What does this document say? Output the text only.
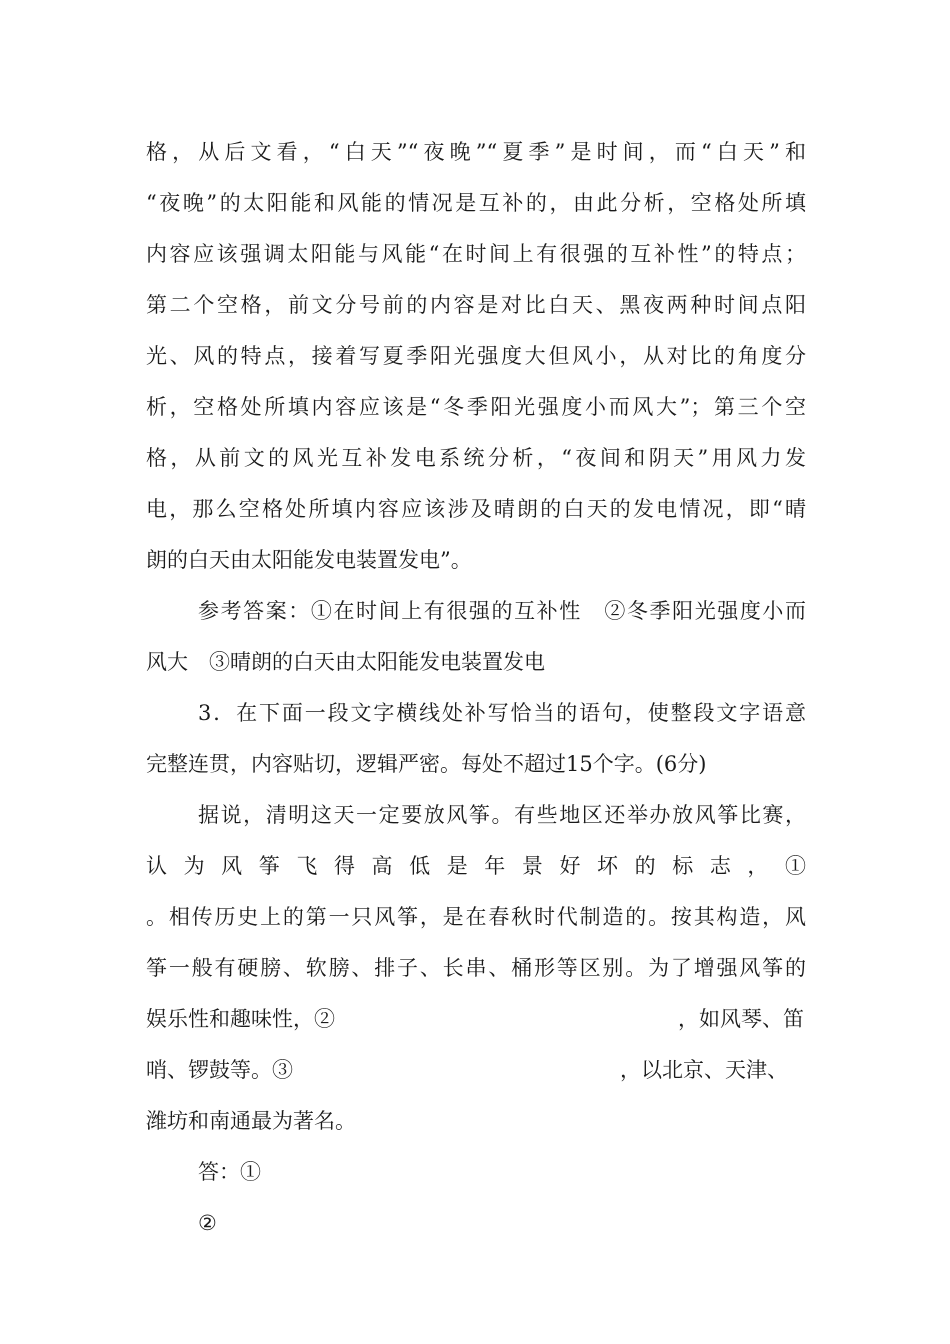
格，从后文看，“白天”“夜晚”“夏季”是时间，而“白天”和
“夜晚”的太阳能和风能的情况是互补的，由此分析，空格处所填
内容应该强调太阳能与风能“在时间上有很强的互补性”的特点；
第二个空格，前文分号前的内容是对比白天、黑夜两种时间点阳
光、风的特点，接着写夏季阳光强度大但风小，从对比的角度分
析，空格处所填内容应该是“冬季阳光强度小而风大”；第三个空
格，从前文的风光互补发电系统分析，“夜间和阴天”用风力发
电，那么空格处所填内容应该涉及晴朗的白天的发电情况，即“晴
朗的白天由太阳能发电装置发电”。
参考答案：①在时间上有很强的互补性　②冬季阳光强度小而
风大　③晴朗的白天由太阳能发电装置发电
3．在下面一段文字横线处补写恰当的语句，使整段文字语意
完整连贯，内容贴切，逻辑严密。每处不超过15个字。(6分)
据说，清明这天一定要放风筝。有些地区还举办放风筝比赛，
认为风筝飞得高低是年景好坏的标志，①
。相传历史上的第一只风筝，是在春秋时代制造的。按其构造，风
筝一般有硬膀、软膀、排子、长串、桶形等区别。为了增强风筝的
娱乐性和趣味性，②	，如风琴、笛
哨、锣鼓等。③	，以北京、天津、
潍坊和南通最为著名。
答：①
②
